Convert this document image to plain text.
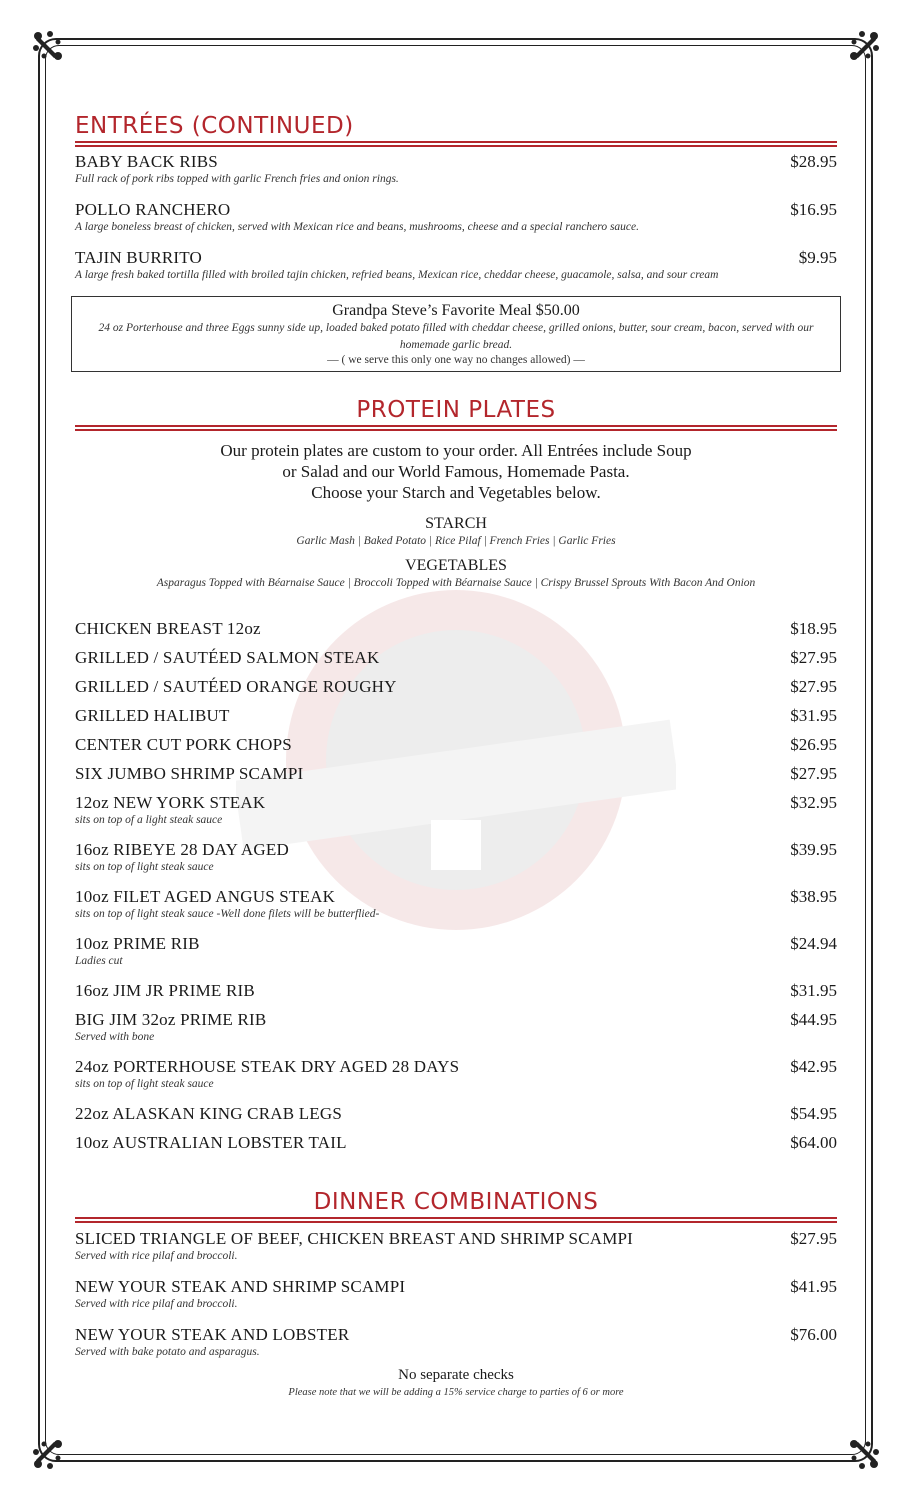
ENTRÉES (CONTINUED)
BABY BACK RIBS	$28.95
Full rack of pork ribs topped with garlic French fries and onion rings.
POLLO RANCHERO	$16.95
A large boneless breast of chicken, served with Mexican rice and beans, mushrooms, cheese and a special ranchero sauce.
TAJIN BURRITO	$9.95
A large fresh baked tortilla filled with broiled tajin chicken, refried beans, Mexican rice, cheddar cheese, guacamole, salsa, and sour cream
Grandpa Steve’s Favorite Meal $50.00
24 oz Porterhouse and three Eggs sunny side up, loaded baked potato filled with cheddar cheese, grilled onions, butter, sour cream, bacon, served with our homemade garlic bread.
— ( we serve this only one way no changes allowed) —
PROTEIN PLATES
Our protein plates are custom to your order. All Entrées include Soup
or Salad and our World Famous, Homemade Pasta.
Choose your Starch and Vegetables below.
STARCH
Garlic Mash | Baked Potato | Rice Pilaf | French Fries | Garlic Fries
VEGETABLES
Asparagus Topped with Béarnaise Sauce | Broccoli Topped with Béarnaise Sauce | Crispy Brussel Sprouts With Bacon And Onion
CHICKEN BREAST 12oz	$18.95
GRILLED / SAUTÉED SALMON STEAK	$27.95
GRILLED / SAUTÉED ORANGE ROUGHY	$27.95
GRILLED HALIBUT	$31.95
CENTER CUT PORK CHOPS	$26.95
SIX JUMBO SHRIMP SCAMPI	$27.95
12oz NEW YORK STEAK	$32.95
sits on top of a light steak sauce
16oz RIBEYE 28 DAY AGED	$39.95
sits on top of light steak sauce
10oz FILET AGED ANGUS STEAK	$38.95
sits on top of light steak sauce -Well done filets will be butterflied-
10oz PRIME RIB	$24.94
Ladies cut
16oz JIM JR PRIME RIB	$31.95
BIG JIM 32oz PRIME RIB	$44.95
Served with bone
24oz PORTERHOUSE STEAK DRY AGED 28 DAYS	$42.95
sits on top of light steak sauce
22oz ALASKAN KING CRAB LEGS	$54.95
10oz AUSTRALIAN LOBSTER TAIL	$64.00
DINNER COMBINATIONS
SLICED TRIANGLE OF BEEF, CHICKEN BREAST AND SHRIMP SCAMPI	$27.95
Served with rice pilaf and broccoli.
NEW YOUR STEAK AND SHRIMP SCAMPI	$41.95
Served with rice pilaf and broccoli.
NEW YOUR STEAK AND LOBSTER	$76.00
Served with bake potato and asparagus.
No separate checks
Please note that we will be adding a 15% service charge to parties of 6 or more
